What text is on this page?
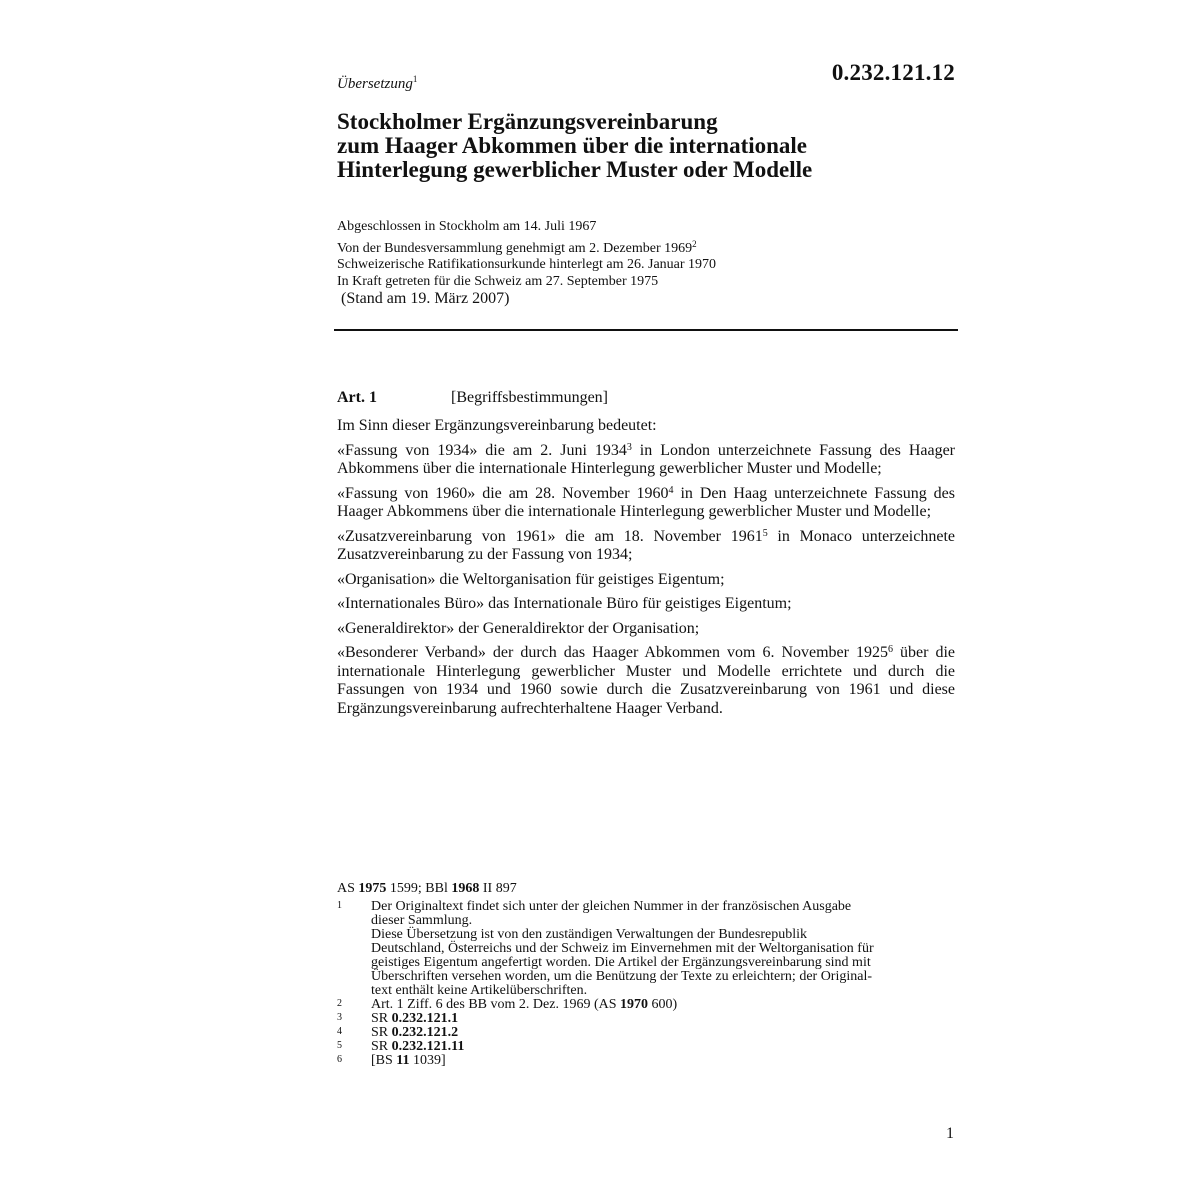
0.232.121.12
Übersetzung$^1$
Stockholmer Ergänzungsvereinbarung
zum Haager Abkommen über die internationale
Hinterlegung gewerblicher Muster oder Modelle
Abgeschlossen in Stockholm am 14. Juli 1967
Von der Bundesversammlung genehmigt am 2. Dezember 1969$^2$
Schweizerische Ratifikationsurkunde hinterlegt am 26. Januar 1970
In Kraft getreten für die Schweiz am 27. September 1975
(Stand am 19. März 2007)
Art. 1	[Begriffsbestimmungen]

Im Sinn dieser Ergänzungsvereinbarung bedeutet:

«Fassung von 1934» die am 2. Juni 1934$^3$ in London unterzeichnete Fassung des Haager Abkommens über die internationale Hinterlegung gewerblicher Muster und Modelle;

«Fassung von 1960» die am 28. November 1960$^4$ in Den Haag unterzeichnete Fassung des Haager Abkommens über die internationale Hinterlegung gewerblicher Muster und Modelle;

«Zusatzvereinbarung von 1961» die am 18. November 1961$^5$ in Monaco unterzeichnete Zusatzvereinbarung zu der Fassung von 1934;

«Organisation» die Weltorganisation für geistiges Eigentum;

«Internationales Büro» das Internationale Büro für geistiges Eigentum;

«Generaldirektor» der Generaldirektor der Organisation;

«Besonderer Verband» der durch das Haager Abkommen vom 6. November 1925$^6$ über die internationale Hinterlegung gewerblicher Muster und Modelle errichtete und durch die Fassungen von 1934 und 1960 sowie durch die Zusatzvereinbarung von 1961 und diese Ergänzungsvereinbarung aufrechterhaltene Haager Verband.

AS 1975 1599; BBl 1968 II 897
1	Der Originaltext findet sich unter der gleichen Nummer in der französischen Ausgabe
dieser Sammlung.
Diese Übersetzung ist von den zuständigen Verwaltungen der Bundesrepublik
Deutschland, Österreichs und der Schweiz im Einvernehmen mit der Weltorganisation für
geistiges Eigentum angefertigt worden. Die Artikel der Ergänzungsvereinbarung sind mit
Überschriften versehen worden, um die Benützung der Texte zu erleichtern; der Original-
text enthält keine Artikelüberschriften.
2	Art. 1 Ziff. 6 des BB vom 2. Dez. 1969 (AS 1970 600)
3	SR 0.232.121.1
4	SR 0.232.121.2
5	SR 0.232.121.11
6	[BS 11 1039]
1
